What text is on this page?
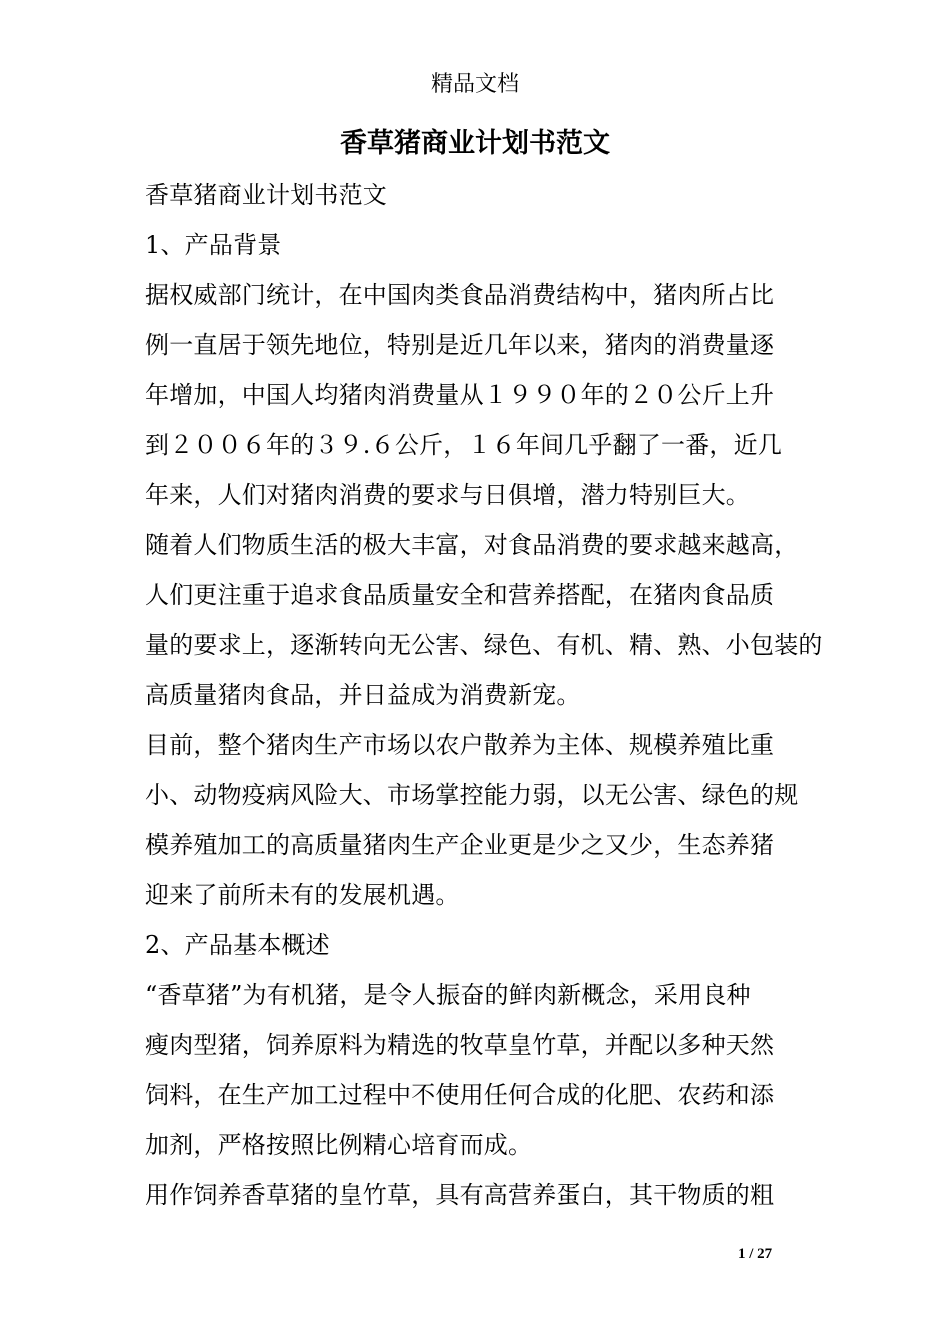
精品文档
香草猪商业计划书范文
香草猪商业计划书范文
1、产品背景
据权威部门统计，在中国肉类食品消费结构中，猪肉所占比
例一直居于领先地位，特别是近几年以来，猪肉的消费量逐
年增加，中国人均猪肉消费量从１９９０年的２０公斤上升
到２００６年的３９.６公斤，１６年间几乎翻了一番，近几
年来，人们对猪肉消费的要求与日俱增，潜力特别巨大。
随着人们物质生活的极大丰富，对食品消费的要求越来越高，
人们更注重于追求食品质量安全和营养搭配，在猪肉食品质
量的要求上，逐渐转向无公害、绿色、有机、精、熟、小包装的
高质量猪肉食品，并日益成为消费新宠。
目前，整个猪肉生产市场以农户散养为主体、规模养殖比重
小、动物疫病风险大、市场掌控能力弱，以无公害、绿色的规
模养殖加工的高质量猪肉生产企业更是少之又少，生态养猪
迎来了前所未有的发展机遇。
2、产品基本概述
“香草猪”为有机猪，是令人振奋的鲜肉新概念，采用良种
瘦肉型猪，饲养原料为精选的牧草皇竹草，并配以多种天然
饲料，在生产加工过程中不使用任何合成的化肥、农药和添
加剂，严格按照比例精心培育而成。
用作饲养香草猪的皇竹草，具有高营养蛋白，其干物质的粗
1 / 27
